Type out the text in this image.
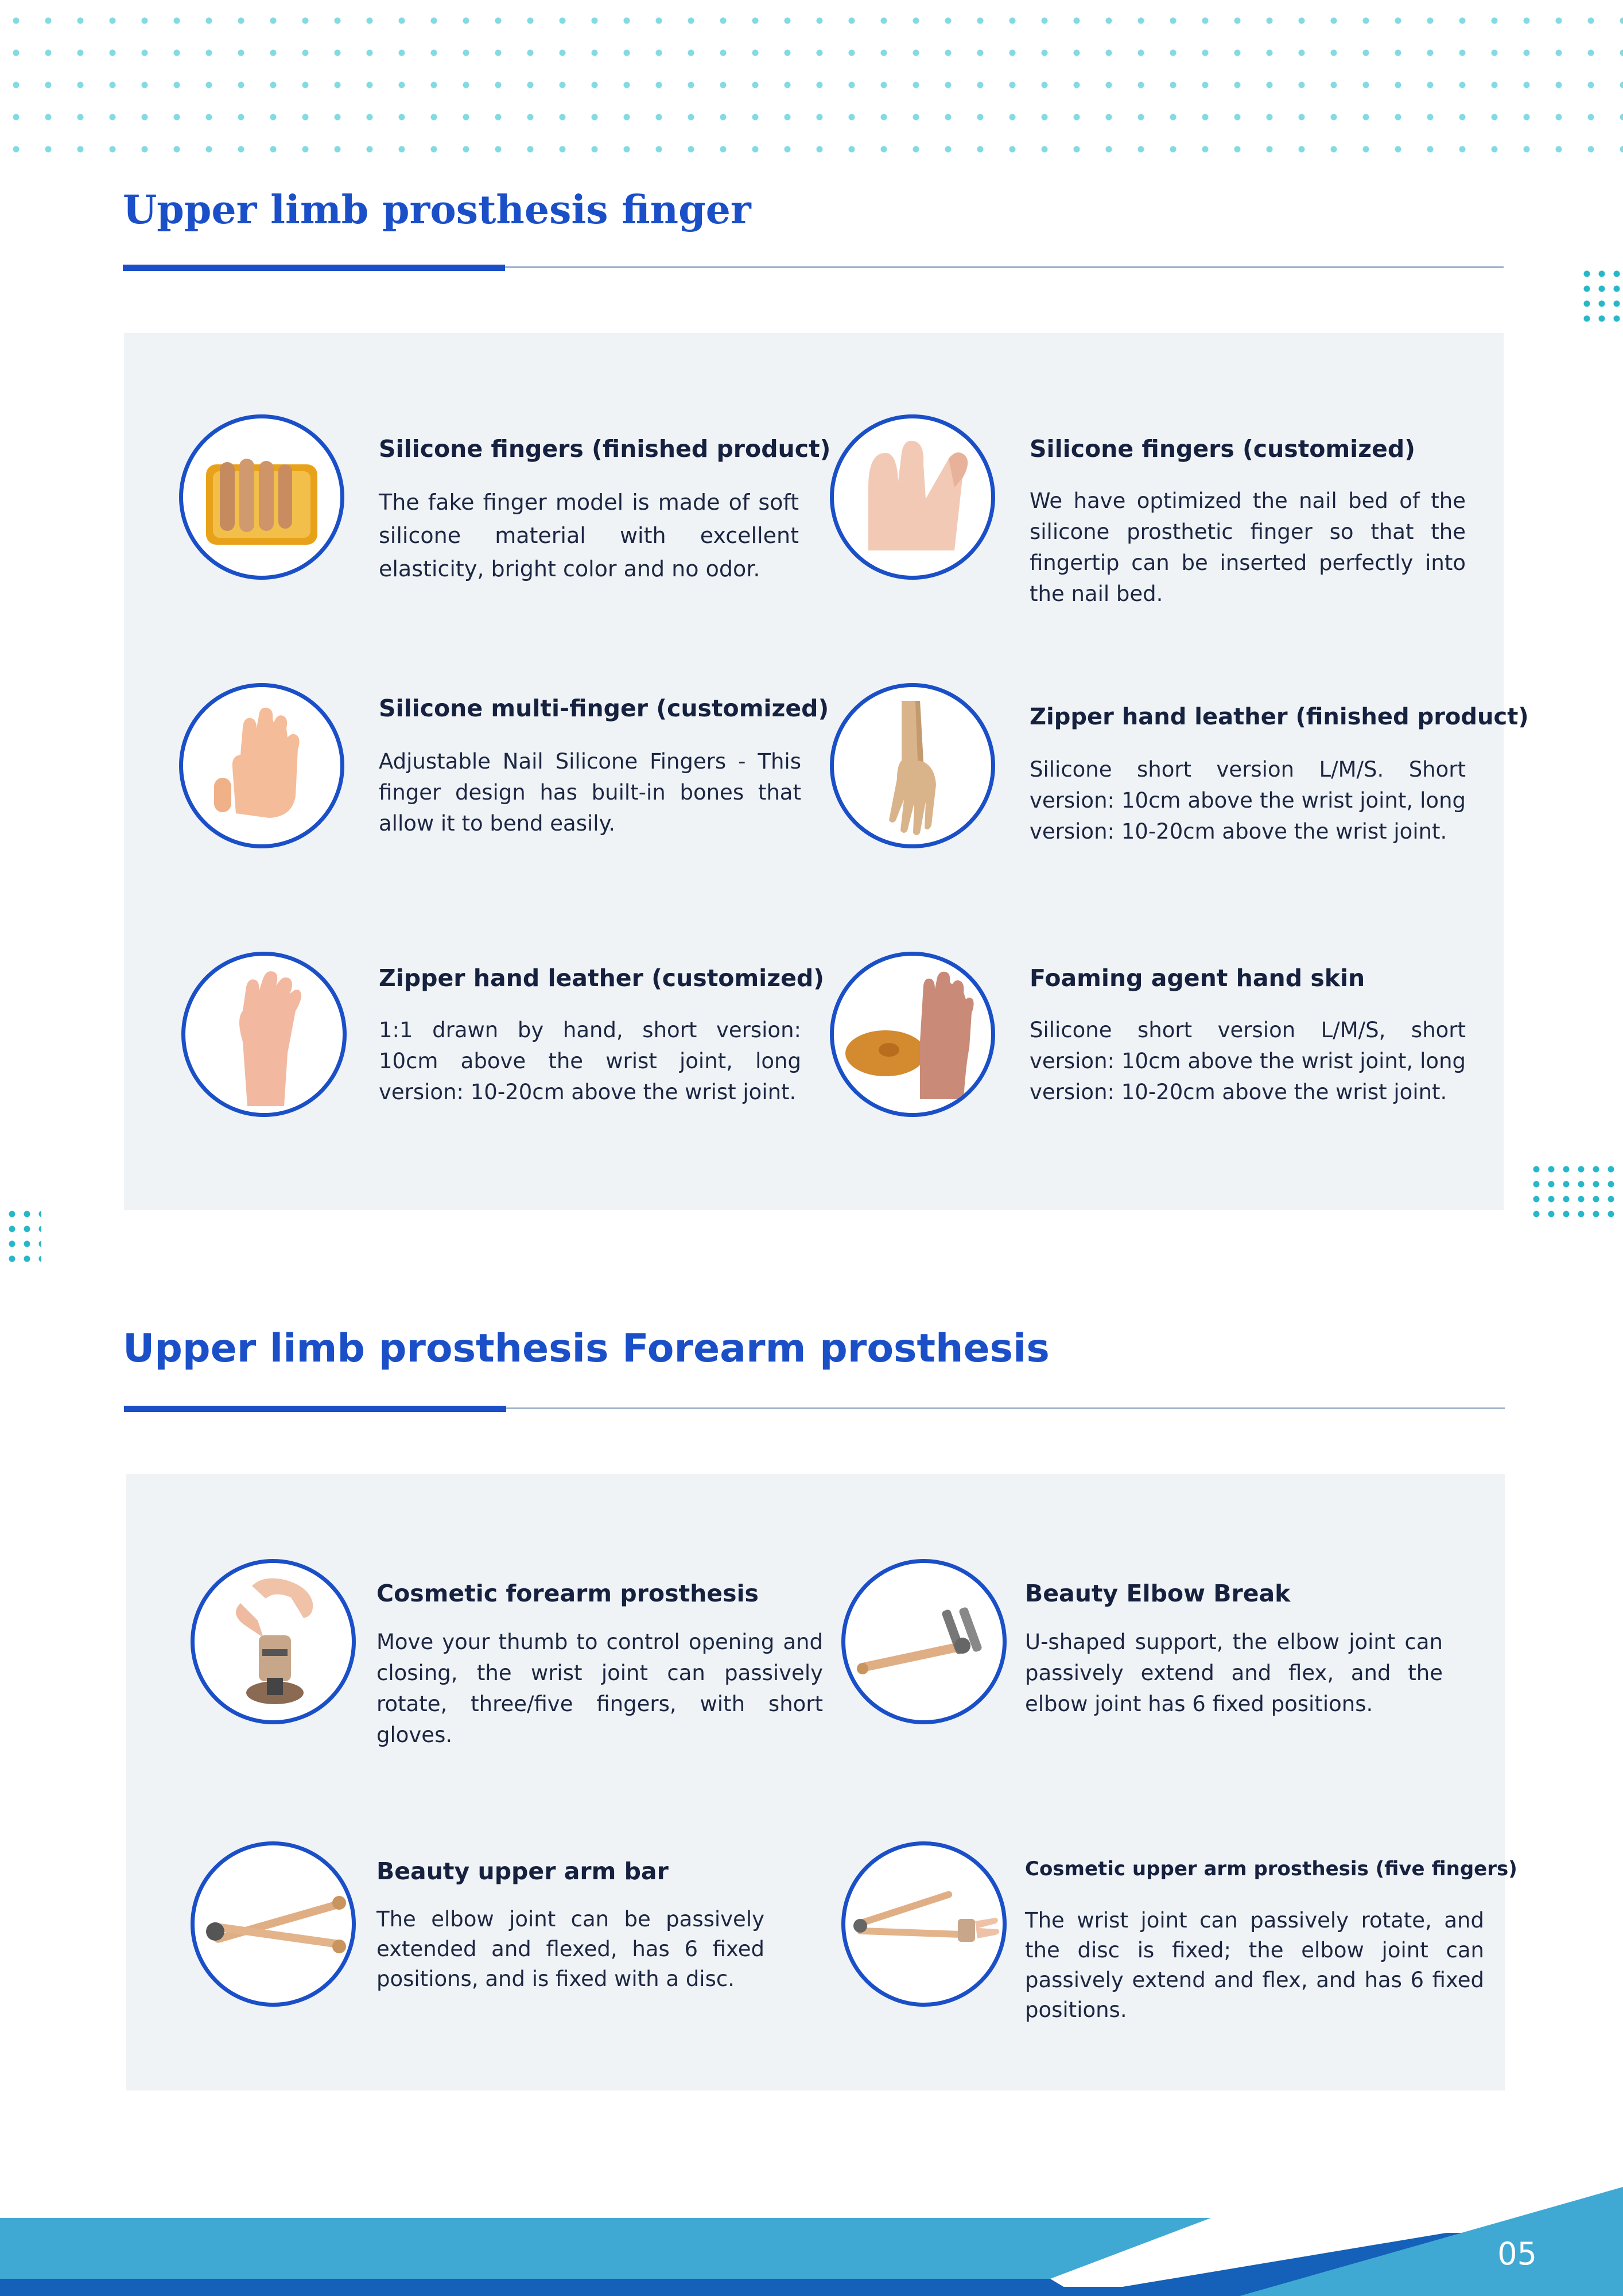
Upper limb prosthesis finger
Silicone fingers (finished product)

The fake finger model is made of soft silicone material with excellent elasticity, bright color and no odor.

Silicone fingers (customized)

We have optimized the nail bed of the silicone prosthetic finger so that the fingertip can be inserted perfectly into the nail bed.

Silicone multi-finger (customized)

Adjustable Nail Silicone Fingers - This finger design has built-in bones that allow it to bend easily.

Zipper hand leather (finished product)

Silicone short version L/M/S. Short version: 10cm above the wrist joint, long version: 10-20cm above the wrist joint.

Zipper hand leather (customized)

1:1 drawn by hand, short version: 10cm above the wrist joint, long version: 10-20cm above the wrist joint.

Foaming agent hand skin

Silicone short version L/M/S, short version: 10cm above the wrist joint, long version: 10-20cm above the wrist joint.

Upper limb prosthesis Forearm prosthesis
Cosmetic forearm prosthesis

Move your thumb to control opening and closing, the wrist joint can passively rotate, three/five fingers, with short gloves.

Beauty Elbow Break

U-shaped support, the elbow joint can passively extend and flex, and the elbow joint has 6 fixed positions.

Beauty upper arm bar

The elbow joint can be passively extended and flexed, has 6 fixed positions, and is fixed with a disc.

Cosmetic upper arm prosthesis (five fingers)

The wrist joint can passively rotate, and the disc is fixed; the elbow joint can passively extend and flex, and has 6 fixed positions.

05
